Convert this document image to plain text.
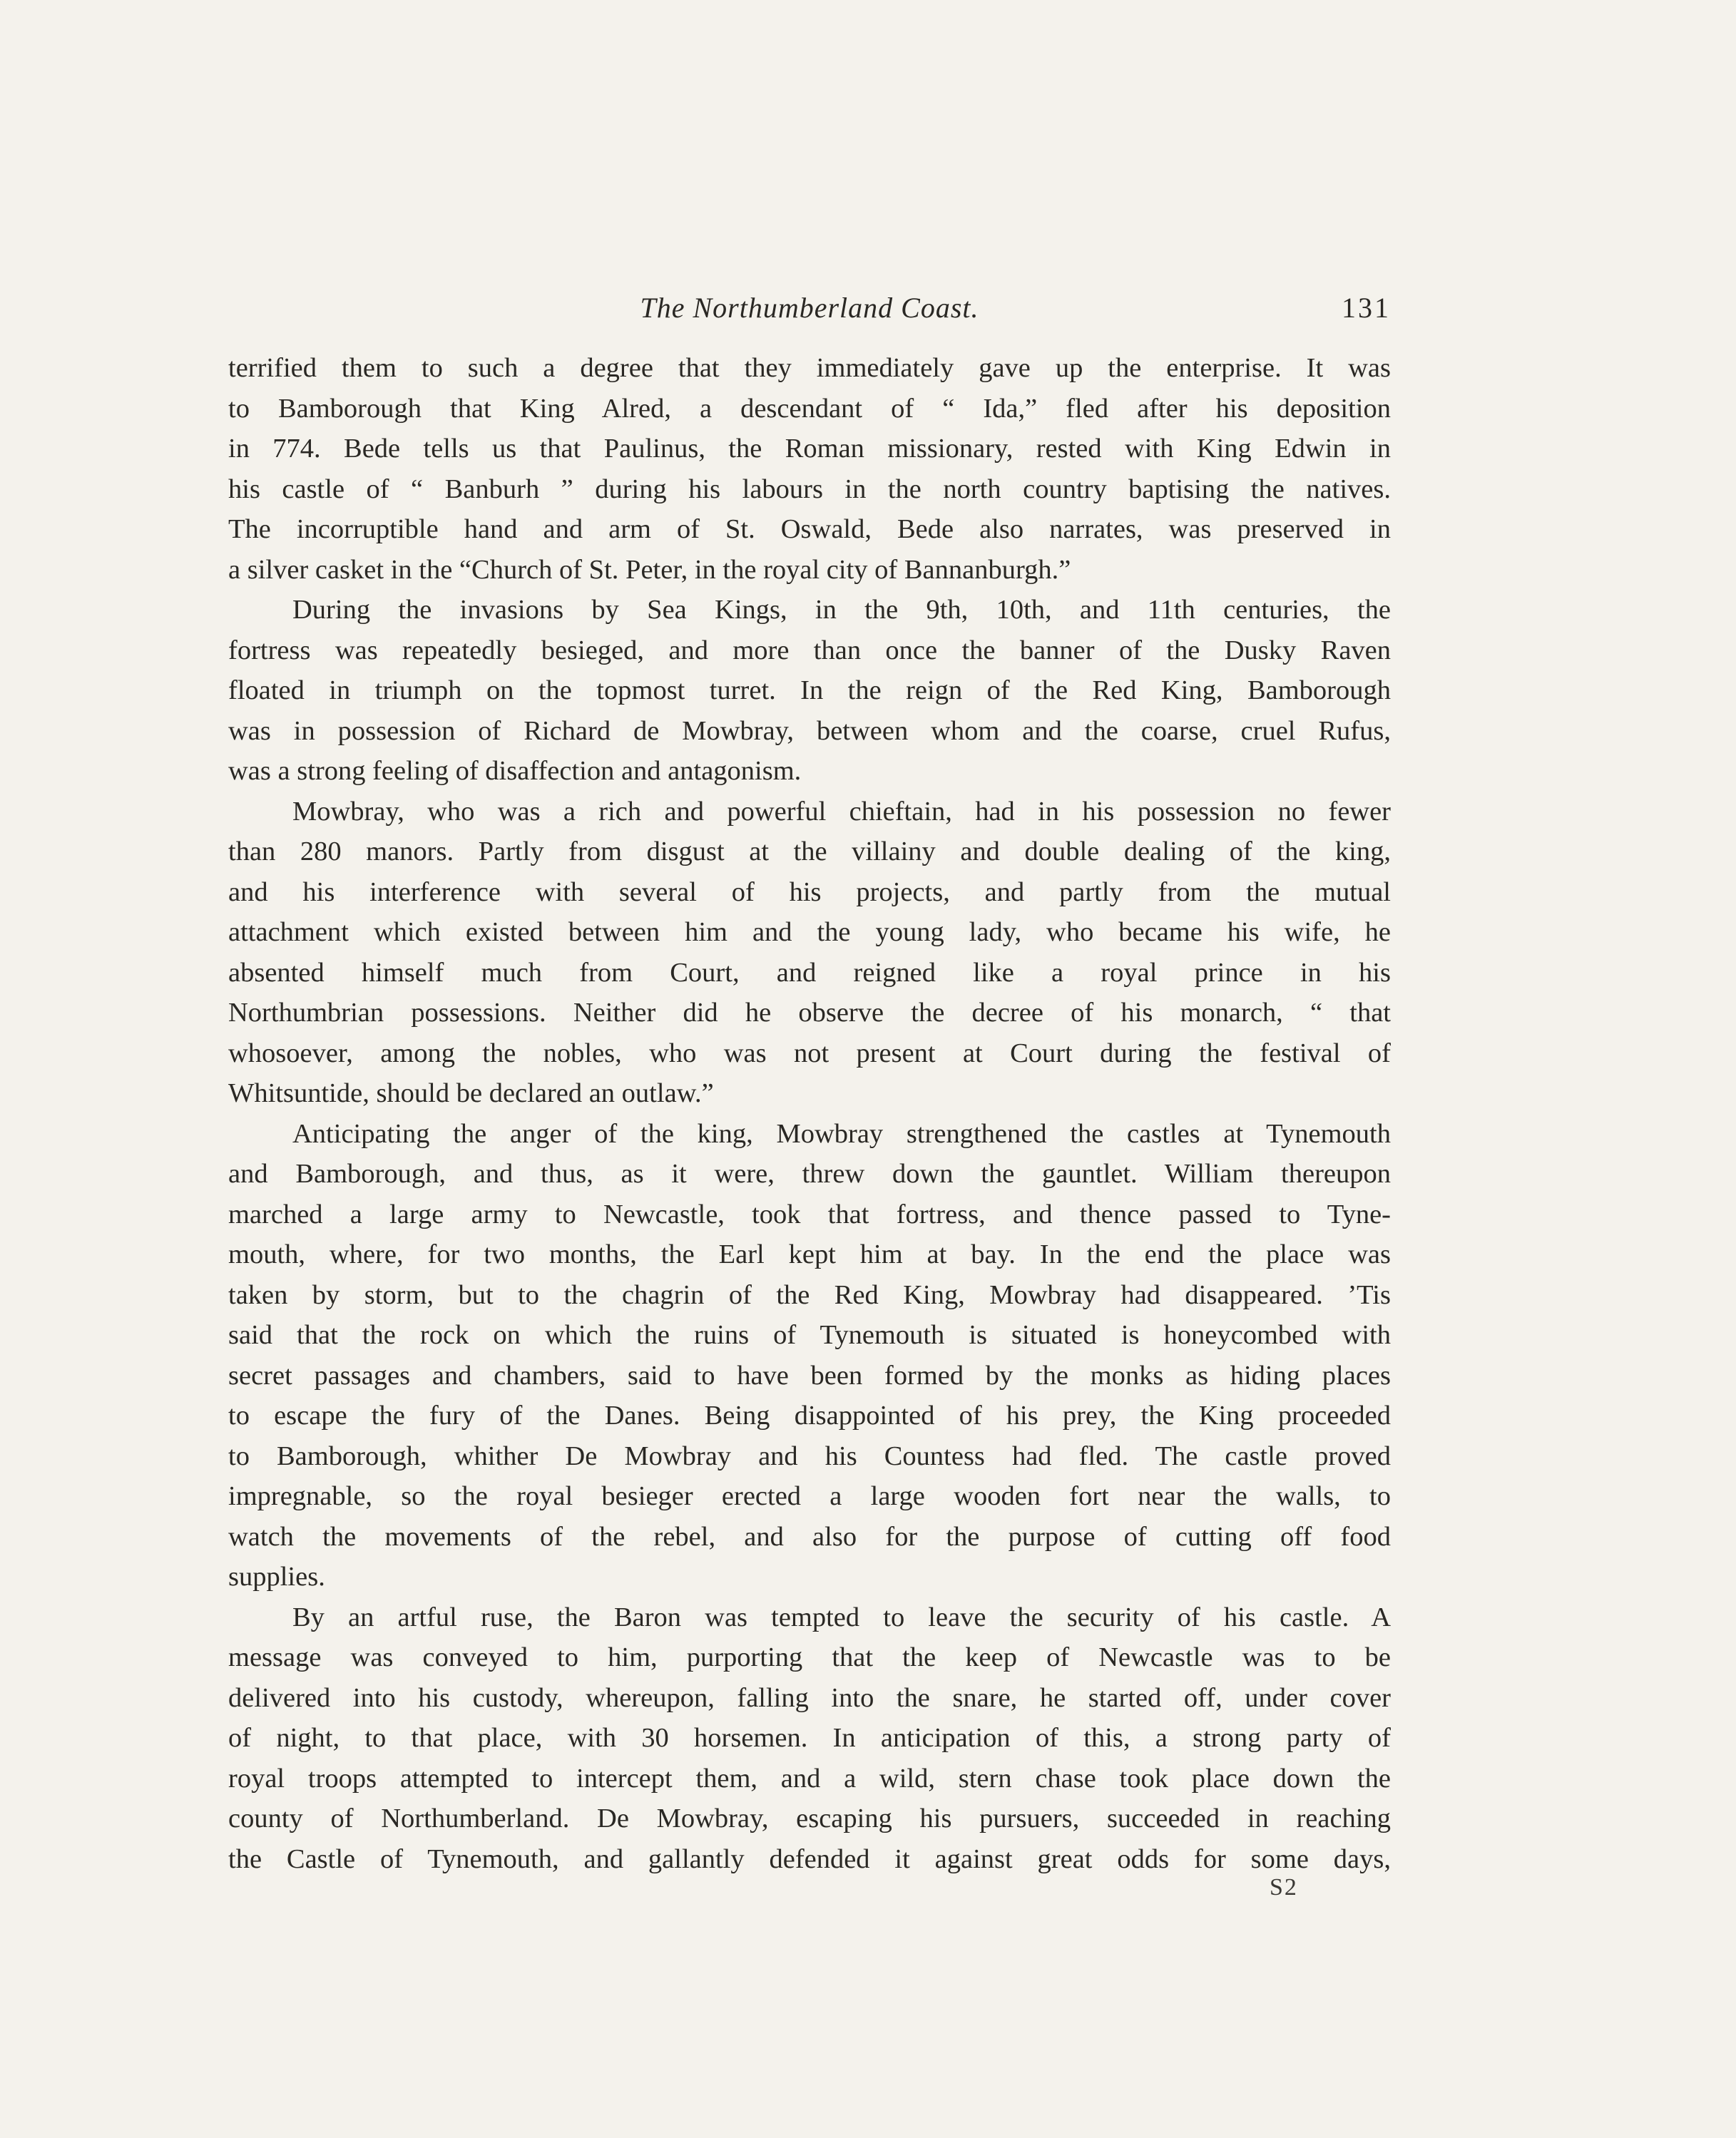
The Northumberland Coast.	131
terrified them to such a degree that they immediately gave up the enterprise. It was
to Bamborough that King Alred, a descendant of “ Ida,” fled after his deposition
in 774. Bede tells us that Paulinus, the Roman missionary, rested with King Edwin in
his castle of “ Banburh ” during his labours in the north country baptising the natives.
The incorruptible hand and arm of St. Oswald, Bede also narrates, was preserved in
a silver casket in the “Church of St. Peter, in the royal city of Bannanburgh.”
During the invasions by Sea Kings, in the 9th, 10th, and 11th centuries, the
fortress was repeatedly besieged, and more than once the banner of the Dusky Raven
floated in triumph on the topmost turret. In the reign of the Red King, Bamborough
was in possession of Richard de Mowbray, between whom and the coarse, cruel Rufus,
was a strong feeling of disaffection and antagonism.
Mowbray, who was a rich and powerful chieftain, had in his possession no fewer
than 280 manors. Partly from disgust at the villainy and double dealing of the king,
and his interference with several of his projects, and partly from the mutual
attachment which existed between him and the young lady, who became his wife, he
absented himself much from Court, and reigned like a royal prince in his
Northumbrian possessions. Neither did he observe the decree of his monarch, “ that
whosoever, among the nobles, who was not present at Court during the festival of
Whitsuntide, should be declared an outlaw.”
Anticipating the anger of the king, Mowbray strengthened the castles at Tynemouth
and Bamborough, and thus, as it were, threw down the gauntlet. William thereupon
marched a large army to Newcastle, took that fortress, and thence passed to Tyne-
mouth, where, for two months, the Earl kept him at bay. In the end the place was
taken by storm, but to the chagrin of the Red King, Mowbray had disappeared. ’Tis
said that the rock on which the ruins of Tynemouth is situated is honeycombed with
secret passages and chambers, said to have been formed by the monks as hiding places
to escape the fury of the Danes. Being disappointed of his prey, the King proceeded
to Bamborough, whither De Mowbray and his Countess had fled. The castle proved
impregnable, so the royal besieger erected a large wooden fort near the walls, to
watch the movements of the rebel, and also for the purpose of cutting off food
supplies.
By an artful ruse, the Baron was tempted to leave the security of his castle. A
message was conveyed to him, purporting that the keep of Newcastle was to be
delivered into his custody, whereupon, falling into the snare, he started off, under cover
of night, to that place, with 30 horsemen. In anticipation of this, a strong party of
royal troops attempted to intercept them, and a wild, stern chase took place down the
county of Northumberland. De Mowbray, escaping his pursuers, succeeded in reaching
the Castle of Tynemouth, and gallantly defended it against great odds for some days,
S2
